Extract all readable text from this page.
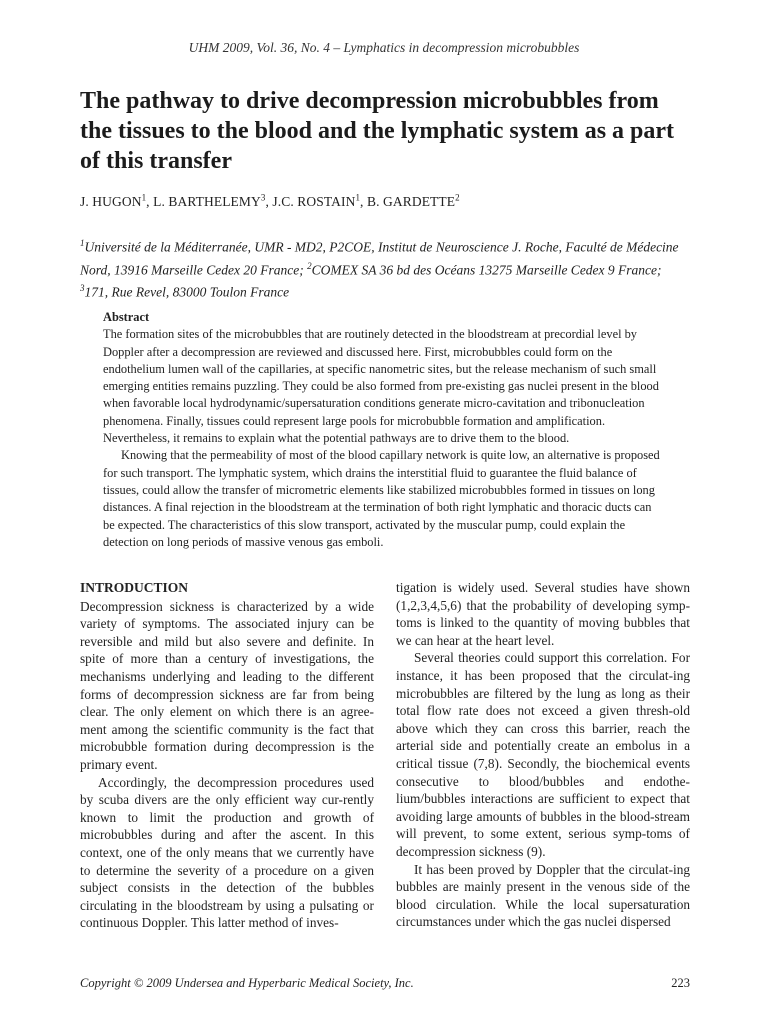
UHM 2009, Vol. 36, No. 4 – Lymphatics in decompression microbubbles
The pathway to drive decompression microbubbles from the tissues to the blood and the lymphatic system as a part of this transfer
J. HUGON$^1$, L. BARTHELEMY$^3$, J.C. ROSTAIN$^1$, B. GARDETTE$^2$
$^1$Université de la Méditerranée, UMR - MD2, P2COE, Institut de Neuroscience J. Roche, Faculté de Médecine Nord, 13916 Marseille Cedex 20 France; $^2$COMEX SA 36 bd des Océans 13275 Marseille Cedex 9 France; $^3$171, Rue Revel, 83000 Toulon France
Abstract

The formation sites of the microbubbles that are routinely detected in the bloodstream at precordial level by Doppler after a decompression are reviewed and discussed here. First, microbubbles could form on the endothelium lumen wall of the capillaries, at specific nanometric sites, but the release mechanism of such small emerging entities remains puzzling. They could be also formed from pre-existing gas nuclei present in the blood when favorable local hydrodynamic/supersaturation conditions generate micro-cavitation and tribonucleation phenomena. Finally, tissues could represent large pools for microbubble formation and amplification. Nevertheless, it remains to explain what the potential pathways are to drive them to the blood.

Knowing that the permeability of most of the blood capillary network is quite low, an alternative is proposed for such transport. The lymphatic system, which drains the interstitial fluid to guarantee the fluid balance of tissues, could allow the transfer of micrometric elements like stabilized microbubbles formed in tissues on long distances. A final rejection in the bloodstream at the termination of both right lymphatic and thoracic ducts can be expected. The characteristics of this slow transport, activated by the muscular pump, could explain the detection on long periods of massive venous gas emboli.

INTRODUCTION

Decompression sickness is characterized by a wide variety of symptoms. The associated injury can be reversible and mild but also severe and definite. In spite of more than a century of investigations, the mechanisms underlying and leading to the different forms of decompression sickness are far from being clear. The only element on which there is an agree-ment among the scientific community is the fact that microbubble formation during decompression is the primary event.

Accordingly, the decompression procedures used by scuba divers are the only efficient way cur-rently known to limit the production and growth of microbubbles during and after the ascent. In this context, one of the only means that we currently have to determine the severity of a procedure on a given subject consists in the detection of the bubbles circulating in the bloodstream by using a pulsating or continuous Doppler. This latter method of inves-

tigation is widely used. Several studies have shown (1,2,3,4,5,6) that the probability of developing symp-toms is linked to the quantity of moving bubbles that we can hear at the heart level.

Several theories could support this correlation. For instance, it has been proposed that the circulat-ing microbubbles are filtered by the lung as long as their total flow rate does not exceed a given thresh-old above which they can cross this barrier, reach the arterial side and potentially create an embolus in a critical tissue (7,8). Secondly, the biochemical events consecutive to blood/bubbles and endothe-lium/bubbles interactions are sufficient to expect that avoiding large amounts of bubbles in the blood-stream will prevent, to some extent, serious symp-toms of decompression sickness (9).

It has been proved by Doppler that the circulat-ing bubbles are mainly present in the venous side of the blood circulation. While the local supersaturation circumstances under which the gas nuclei dispersed

Copyright © 2009 Undersea and Hyperbaric Medical Society, Inc.	223
